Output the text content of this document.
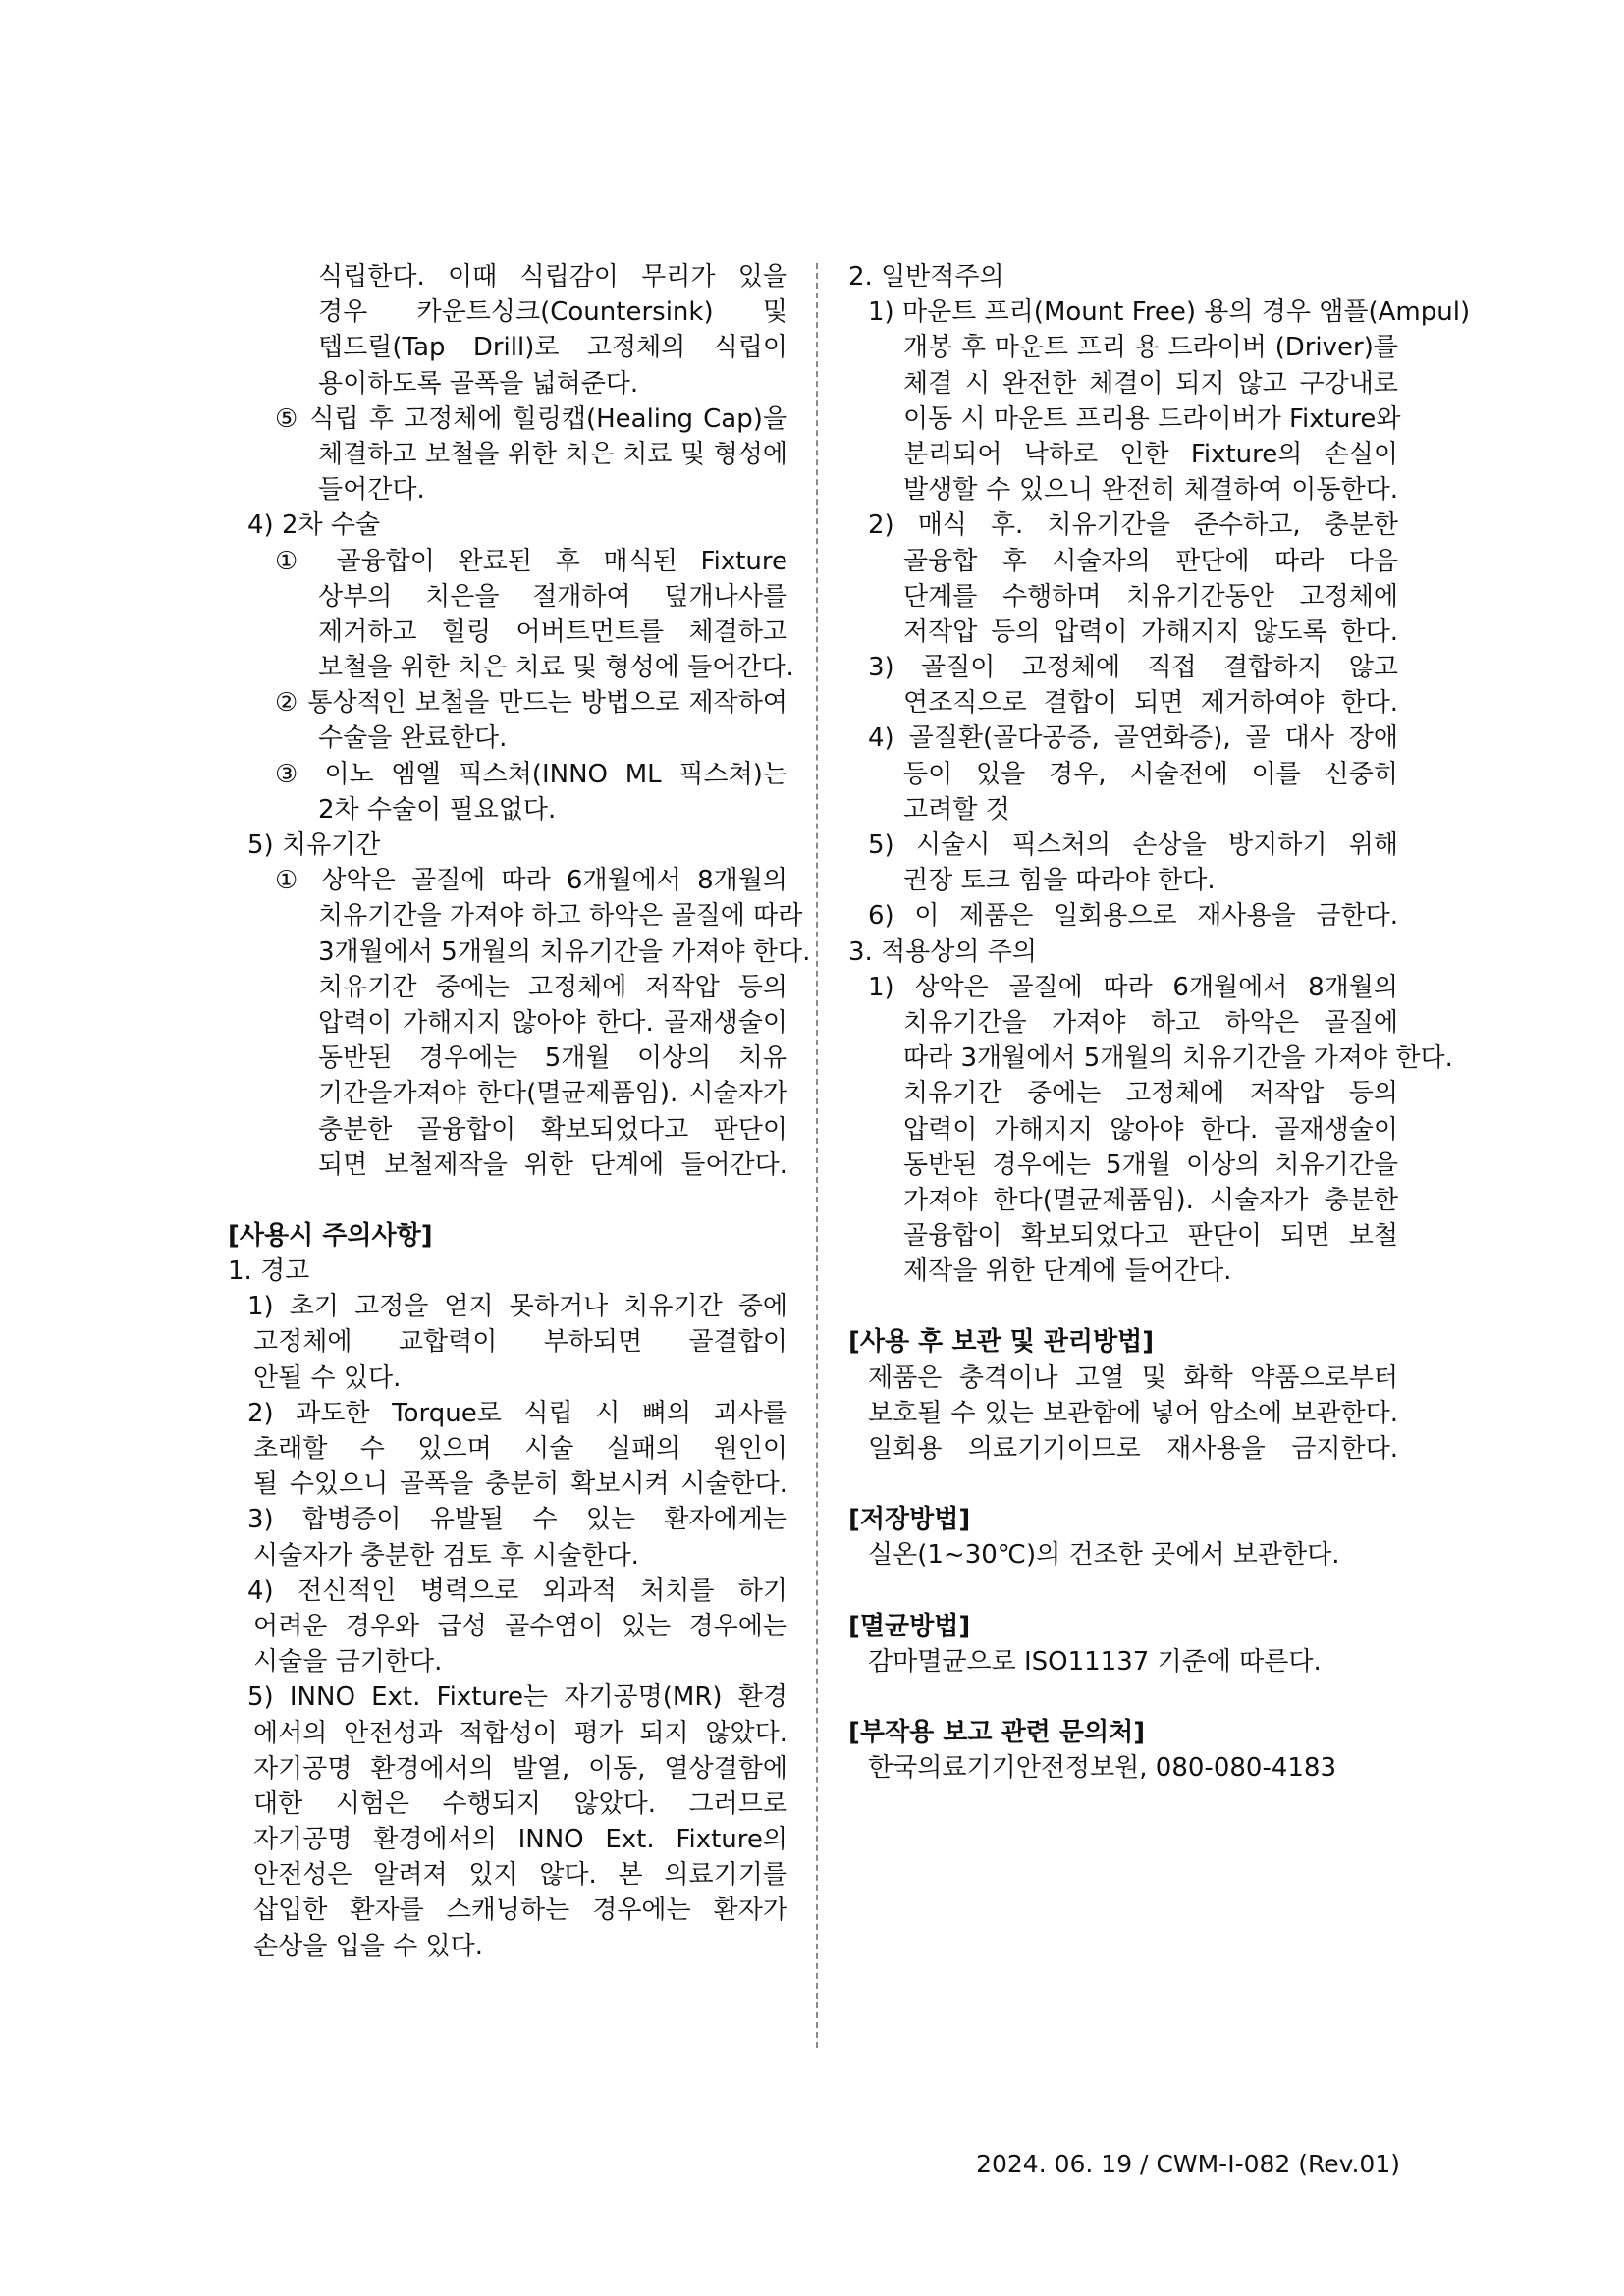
식립한다. 이때 식립감이 무리가 있을
경우 카운트싱크(Countersink) 및
텝드릴(Tap Drill)로 고정체의 식립이
용이하도록 골폭을 넓혀준다.
⑤ 식립 후 고정체에 힐링캡(Healing Cap)을
체결하고 보철을 위한 치은 치료 및 형성에
들어간다.
4) 2차 수술
① 골융합이 완료된 후 매식된 Fixture
상부의 치은을 절개하여 덮개나사를
제거하고 힐링 어버트먼트를 체결하고
보철을 위한 치은 치료 및 형성에 들어간다.
② 통상적인 보철을 만드는 방법으로 제작하여
수술을 완료한다.
③ 이노 엠엘 픽스쳐(INNO ML 픽스쳐)는
2차 수술이 필요없다.
5) 치유기간
① 상악은 골질에 따라 6개월에서 8개월의
치유기간을 가져야 하고 하악은 골질에 따라
3개월에서 5개월의 치유기간을 가져야 한다.
치유기간 중에는 고정체에 저작압 등의
압력이 가해지지 않아야 한다. 골재생술이
동반된 경우에는 5개월 이상의 치유
기간을가져야 한다(멸균제품임). 시술자가
충분한 골융합이 확보되었다고 판단이
되면 보철제작을 위한 단계에 들어간다.
[사용시 주의사항]
1. 경고
1) 초기 고정을 얻지 못하거나 치유기간 중에
고정체에 교합력이 부하되면 골결합이
안될 수 있다.
2) 과도한 Torque로 식립 시 뼈의 괴사를
초래할 수 있으며 시술 실패의 원인이
될 수있으니 골폭을 충분히 확보시켜 시술한다.
3) 합병증이 유발될 수 있는 환자에게는
시술자가 충분한 검토 후 시술한다.
4) 전신적인 병력으로 외과적 처치를 하기
어려운 경우와 급성 골수염이 있는 경우에는
시술을 금기한다.
5) INNO Ext. Fixture는 자기공명(MR) 환경
에서의 안전성과 적합성이 평가 되지 않았다.
자기공명 환경에서의 발열, 이동, 열상결함에
대한 시험은 수행되지 않았다. 그러므로
자기공명 환경에서의 INNO Ext. Fixture의
안전성은 알려져 있지 않다. 본 의료기기를
삽입한 환자를 스캐닝하는 경우에는 환자가
손상을 입을 수 있다.
2. 일반적주의
1) 마운트 프리(Mount Free) 용의 경우 앰플(Ampul)
개봉 후 마운트 프리 용 드라이버 (Driver)를
체결 시 완전한 체결이 되지 않고 구강내로
이동 시 마운트 프리용 드라이버가 Fixture와
분리되어 낙하로 인한 Fixture의 손실이
발생할 수 있으니 완전히 체결하여 이동한다.
2) 매식 후. 치유기간을 준수하고, 충분한
골융합 후 시술자의 판단에 따라 다음
단계를 수행하며 치유기간동안 고정체에
저작압 등의 압력이 가해지지 않도록 한다.
3) 골질이 고정체에 직접 결합하지 않고
연조직으로 결합이 되면 제거하여야 한다.
4) 골질환(골다공증, 골연화증), 골 대사 장애
등이 있을 경우, 시술전에 이를 신중히
고려할 것
5) 시술시 픽스처의 손상을 방지하기 위해
권장 토크 힘을 따라야 한다.
6) 이 제품은 일회용으로 재사용을 금한다.
3. 적용상의 주의
1) 상악은 골질에 따라 6개월에서 8개월의
치유기간을 가져야 하고 하악은 골질에
따라 3개월에서 5개월의 치유기간을 가져야 한다.
치유기간 중에는 고정체에 저작압 등의
압력이 가해지지 않아야 한다. 골재생술이
동반된 경우에는 5개월 이상의 치유기간을
가져야 한다(멸균제품임). 시술자가 충분한
골융합이 확보되었다고 판단이 되면 보철
제작을 위한 단계에 들어간다.
[사용 후 보관 및 관리방법]
제품은 충격이나 고열 및 화학 약품으로부터
보호될 수 있는 보관함에 넣어 암소에 보관한다.
일회용 의료기기이므로 재사용을 금지한다.
[저장방법]
실온(1~30℃)의 건조한 곳에서 보관한다.
[멸균방법]
감마멸균으로 ISO11137 기준에 따른다.
[부작용 보고 관련 문의처]
한국의료기기안전정보원, 080-080-4183
2024. 06. 19 / CWM-I-082 (Rev.01)
